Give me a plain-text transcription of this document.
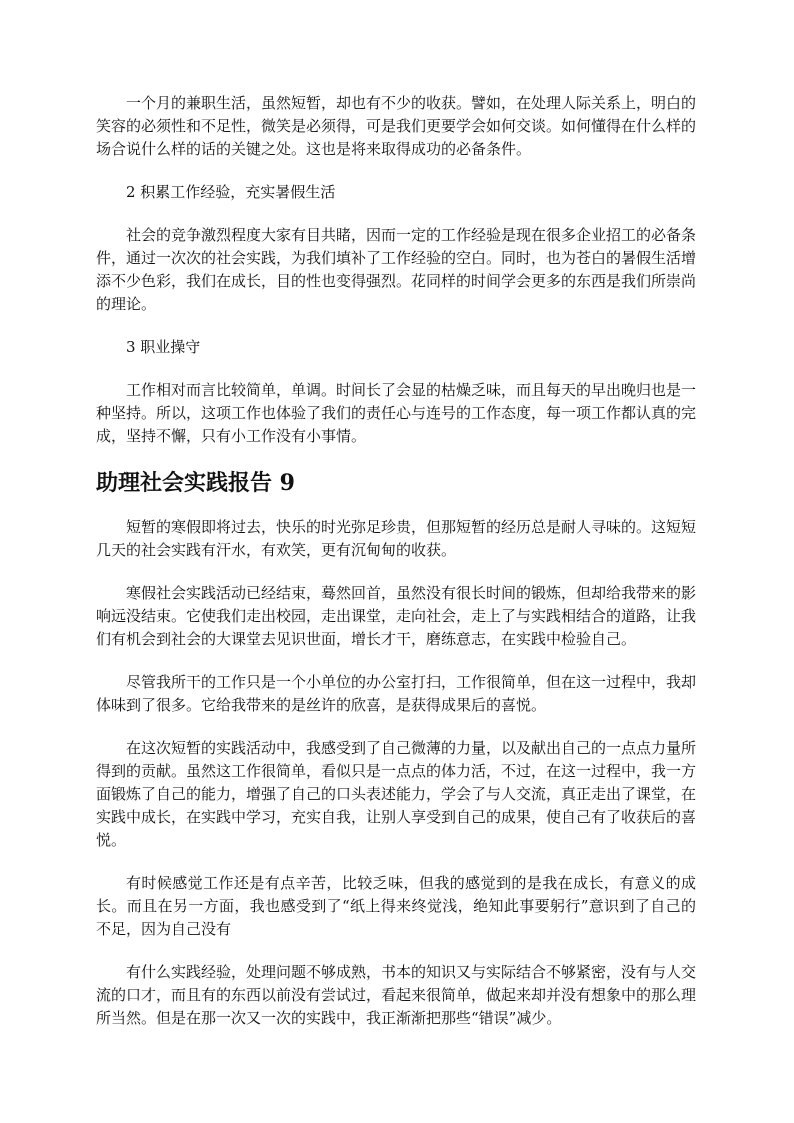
一个月的兼职生活，虽然短暂，却也有不少的收获。譬如，在处理人际关系上，明白的笑容的必须性和不足性，微笑是必须得，可是我们更要学会如何交谈。如何懂得在什么样的场合说什么样的话的关键之处。这也是将来取得成功的必备条件。

2 积累工作经验，充实暑假生活

社会的竞争激烈程度大家有目共睹，因而一定的工作经验是现在很多企业招工的必备条件，通过一次次的社会实践，为我们填补了工作经验的空白。同时，也为苍白的暑假生活增添不少色彩，我们在成长，目的性也变得强烈。花同样的时间学会更多的东西是我们所崇尚的理论。

3 职业操守

工作相对而言比较简单，单调。时间长了会显的枯燥乏味，而且每天的早出晚归也是一种坚持。所以，这项工作也体验了我们的责任心与连号的工作态度，每一项工作都认真的完成，坚持不懈，只有小工作没有小事情。

助理社会实践报告 9

短暂的寒假即将过去，快乐的时光弥足珍贵，但那短暂的经历总是耐人寻味的。这短短几天的社会实践有汗水，有欢笑，更有沉甸甸的收获。

寒假社会实践活动已经结束，蓦然回首，虽然没有很长时间的锻炼，但却给我带来的影响远没结束。它使我们走出校园，走出课堂，走向社会，走上了与实践相结合的道路，让我们有机会到社会的大课堂去见识世面，增长才干，磨练意志，在实践中检验自己。

尽管我所干的工作只是一个小单位的办公室打扫，工作很简单，但在这一过程中，我却体味到了很多。它给我带来的是丝许的欣喜，是获得成果后的喜悦。

在这次短暂的实践活动中，我感受到了自己微薄的力量，以及献出自己的一点点力量所得到的贡献。虽然这工作很简单，看似只是一点点的体力活，不过，在这一过程中，我一方面锻炼了自己的能力，增强了自己的口头表述能力，学会了与人交流，真正走出了课堂，在实践中成长，在实践中学习，充实自我，让别人享受到自己的成果，使自己有了收获后的喜悦。

有时候感觉工作还是有点辛苦，比较乏味，但我的感觉到的是我在成长，有意义的成长。而且在另一方面，我也感受到了“纸上得来终觉浅，绝知此事要躬行”意识到了自己的不足，因为自己没有

有什么实践经验，处理问题不够成熟，书本的知识又与实际结合不够紧密，没有与人交流的口才，而且有的东西以前没有尝试过，看起来很简单，做起来却并没有想象中的那么理所当然。但是在那一次又一次的实践中，我正渐渐把那些“错误”减少。
